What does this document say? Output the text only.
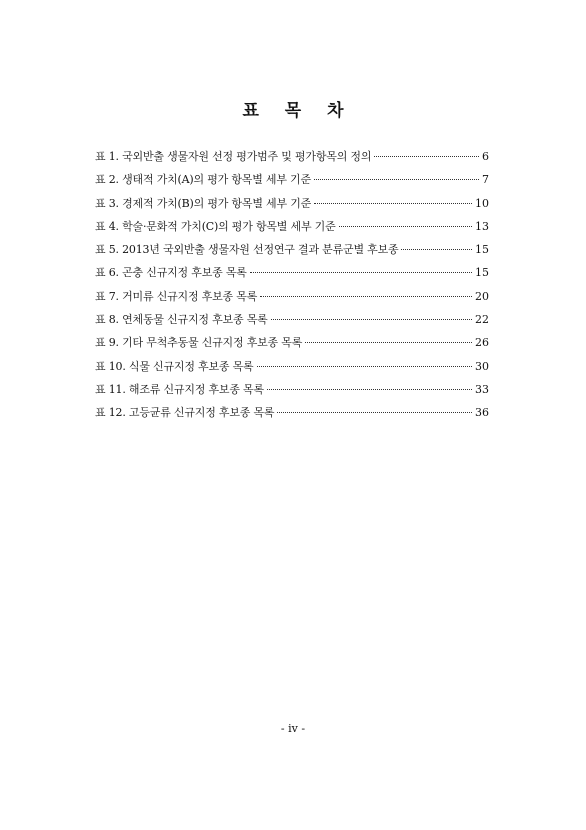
표 목 차
표 1. 국외반출 생물자원 선정 평가범주 및 평가항목의 정의	6
표 2. 생태적 가치(A)의 평가 항목별 세부 기준	7
표 3. 경제적 가치(B)의 평가 항목별 세부 기준	10
표 4. 학술·문화적 가치(C)의 평가 항목별 세부 기준	13
표 5. 2013년 국외반출 생물자원 선정연구 결과 분류군별 후보종	15
표 6. 곤충 신규지정 후보종 목록	15
표 7. 거미류 신규지정 후보종 목록	20
표 8. 연체동물 신규지정 후보종 목록	22
표 9. 기타 무척추동물 신규지정 후보종 목록	26
표 10. 식물 신규지정 후보종 목록	30
표 11. 해조류 신규지정 후보종 목록	33
표 12. 고등균류 신규지정 후보종 목록	36
- iv -
